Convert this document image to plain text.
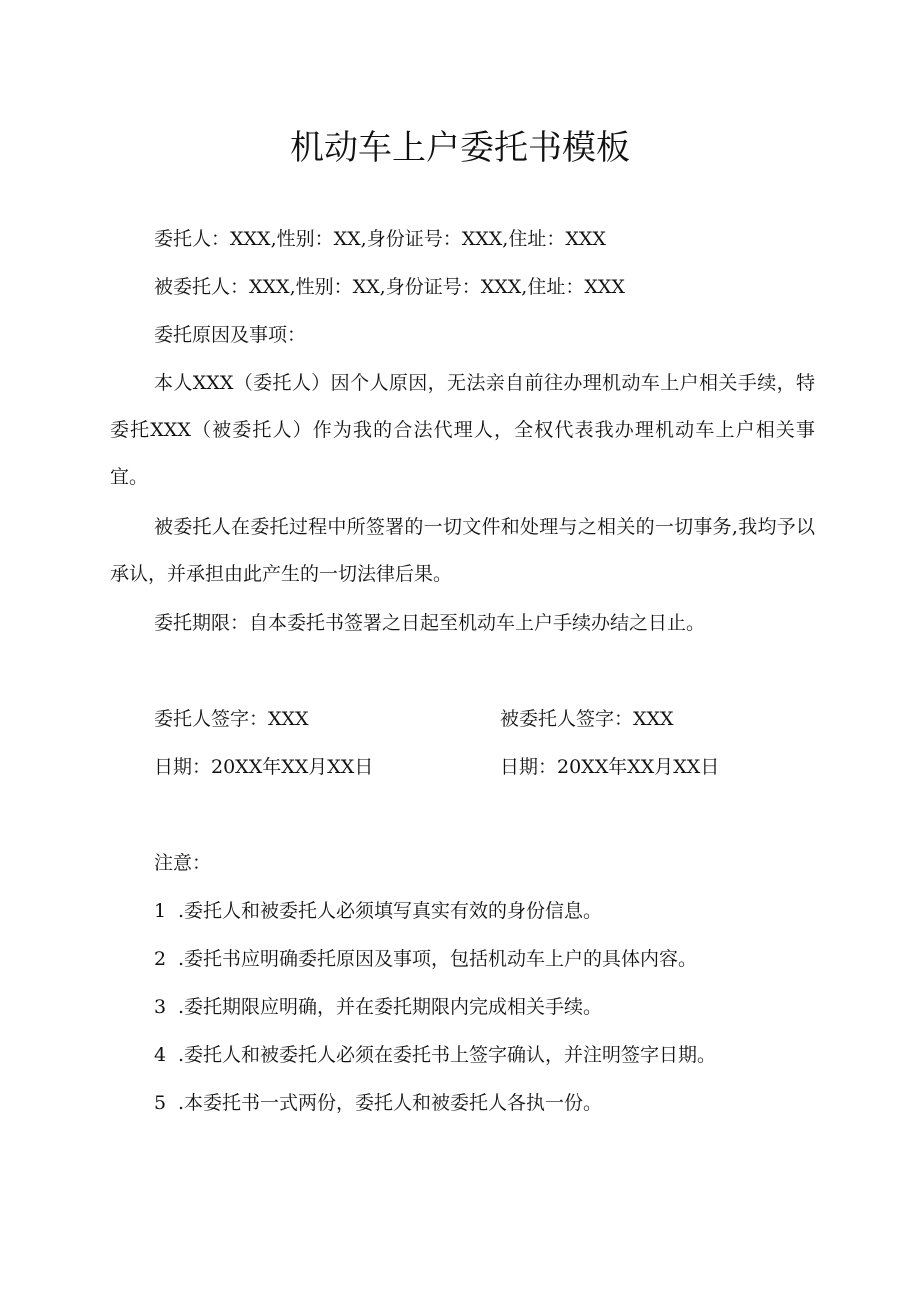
机动车上户委托书模板
委托人：XXX,性别：XX,身份证号：XXX,住址：XXX
被委托人：XXX,性别：XX,身份证号：XXX,住址：XXX
委托原因及事项：
本人XXX（委托人）因个人原因，无法亲自前往办理机动车上户相关手续，特委托XXX（被委托人）作为我的合法代理人，全权代表我办理机动车上户相关事宜。
被委托人在委托过程中所签署的一切文件和处理与之相关的一切事务,我均予以承认，并承担由此产生的一切法律后果。
委托期限：自本委托书签署之日起至机动车上户手续办结之日止。
委托人签字：XXX	被委托人签字：XXX
日期：20XX年XX月XX日	日期：20XX年XX月XX日
注意：
1 .委托人和被委托人必须填写真实有效的身份信息。
2 .委托书应明确委托原因及事项，包括机动车上户的具体内容。
3 .委托期限应明确，并在委托期限内完成相关手续。
4 .委托人和被委托人必须在委托书上签字确认，并注明签字日期。
5 .本委托书一式两份，委托人和被委托人各执一份。
